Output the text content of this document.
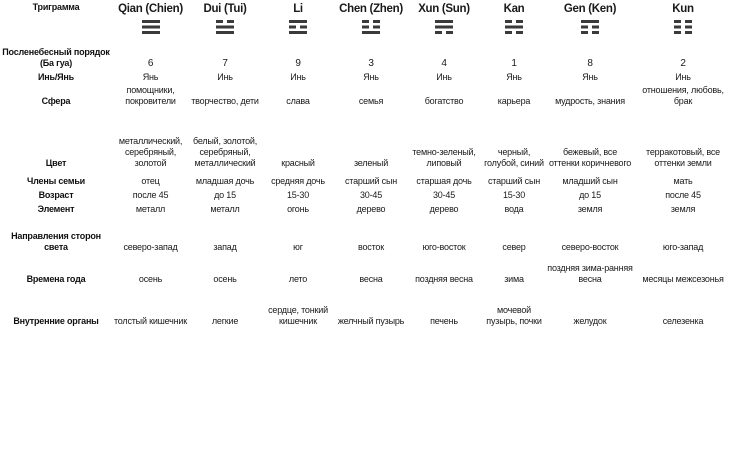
Триграмма	Qian (Chien)	Dui (Tui)	Li	Chen (Zhen)	Xun (Sun)	Kan	Gen (Ken)	Kun

Посленебесный порядок (Ба гуа)	6	7	9	3	4	1	8	2
Инь/Янь	Янь	Инь	Инь	Янь	Инь	Янь	Янь	Инь
Сфера	помощники, покровители	творчество, дети	слава	семья	богатство	карьера	мудрость, знания	отношения, любовь, брак
Цвет	металлический, серебряный, золотой	белый, золотой, серебряный, металлический	красный	зеленый	темно-зеленый, липовый	черный, голубой, синий	бежевый, все оттенки коричневого	терракотовый, все оттенки земли
Члены семьи	отец	младшая дочь	средняя дочь	старший сын	старшая дочь	старший сын	младший сын	мать
Возраст	после 45	до 15	15-30	30-45	30-45	15-30	до 15	после 45
Элемент	металл	металл	огонь	дерево	дерево	вода	земля	земля
Направления сторон света	северо-запад	запад	юг	восток	юго-восток	север	северо-восток	юго-запад
Времена года	осень	осень	лето	весна	поздняя весна	зима	поздняя зима-ранняя весна	месяцы межсезонья
Внутренние органы	толстый кишечник	легкие	сердце, тонкий кишечник	желчный пузырь	печень	мочевой пузырь, почки	желудок	селезенка
